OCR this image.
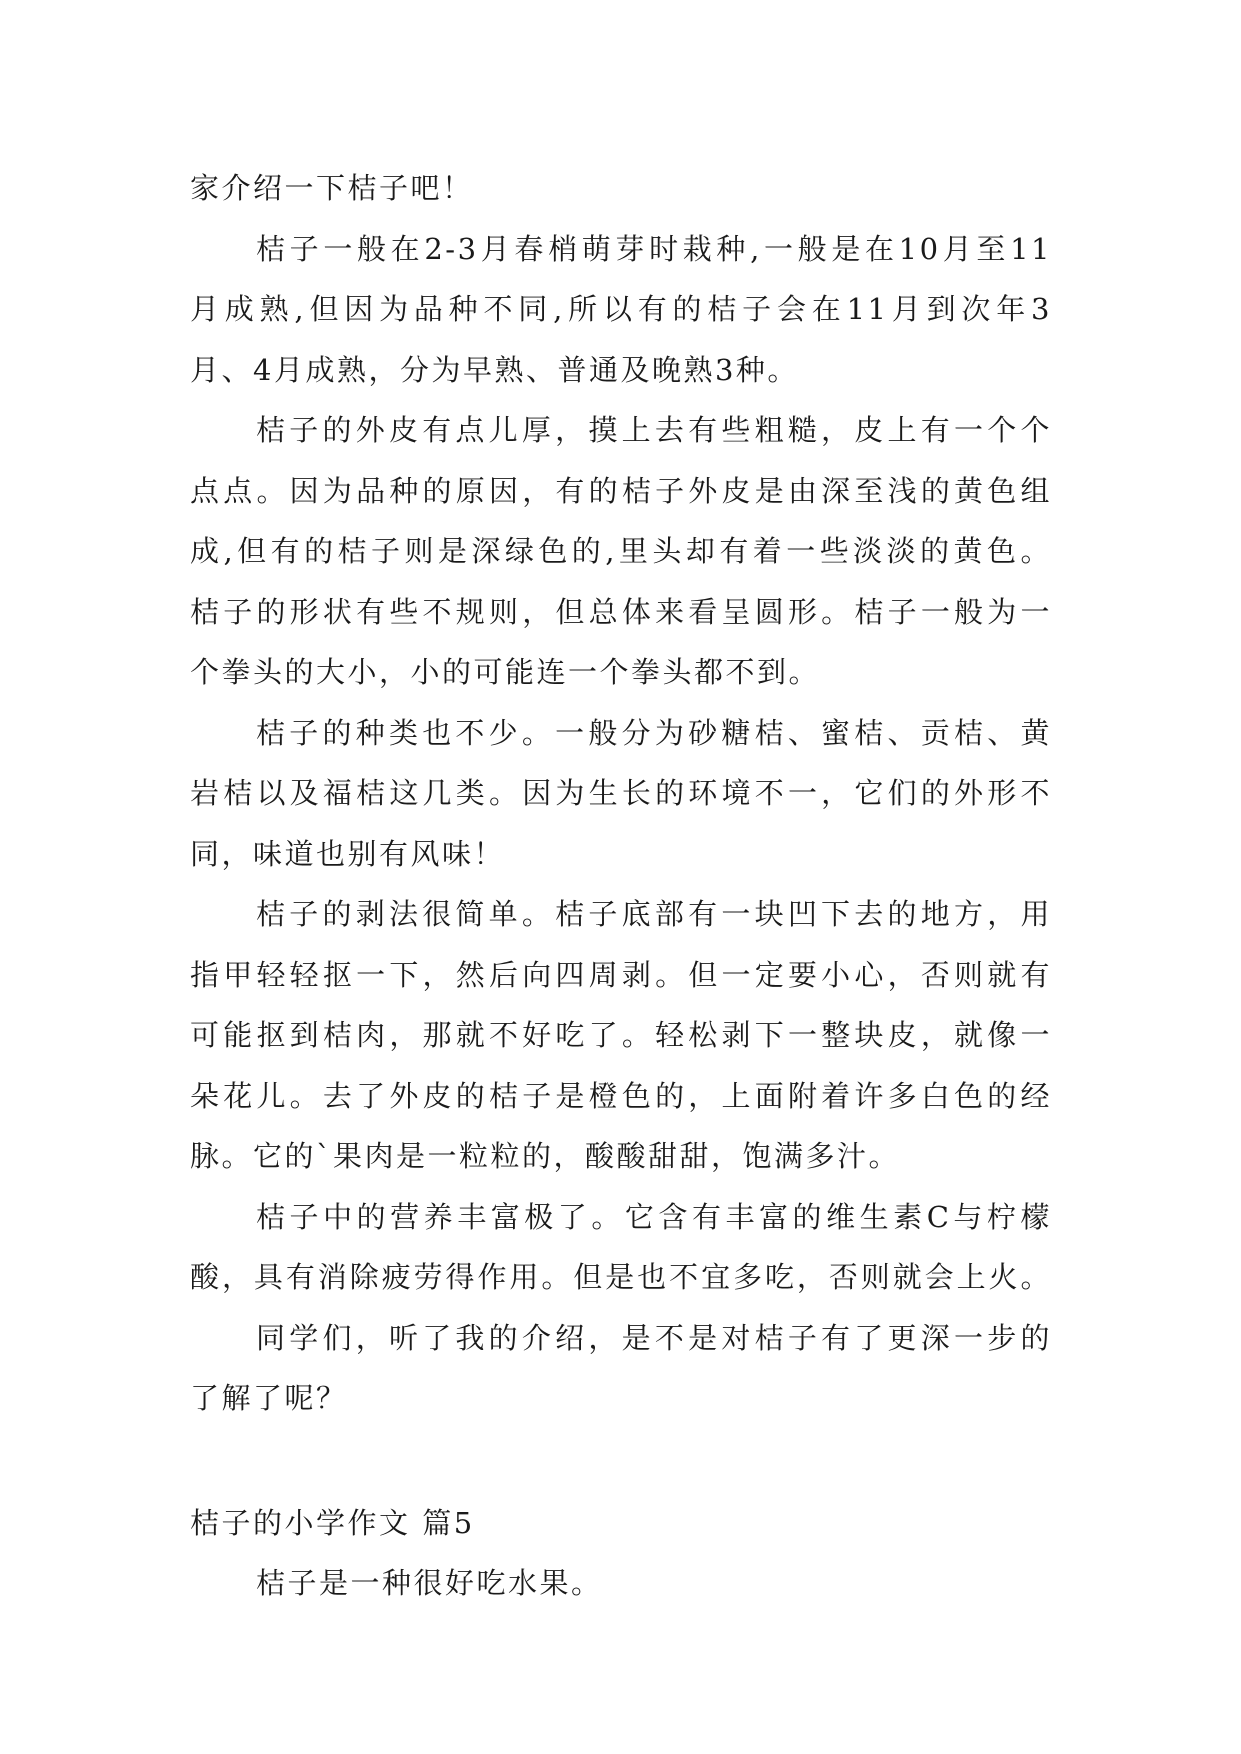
家介绍一下桔子吧！
桔子一般在2-3月春梢萌芽时栽种,一般是在10月至11
月成熟,但因为品种不同,所以有的桔子会在11月到次年3
月、4月成熟，分为早熟、普通及晚熟3种。
桔子的外皮有点儿厚，摸上去有些粗糙，皮上有一个个
点点。因为品种的原因，有的桔子外皮是由深至浅的黄色组
成,但有的桔子则是深绿色的,里头却有着一些淡淡的黄色。
桔子的形状有些不规则，但总体来看呈圆形。桔子一般为一
个拳头的大小，小的可能连一个拳头都不到。
桔子的种类也不少。一般分为砂糖桔、蜜桔、贡桔、黄
岩桔以及福桔这几类。因为生长的环境不一，它们的外形不
同，味道也别有风味！
桔子的剥法很简单。桔子底部有一块凹下去的地方，用
指甲轻轻抠一下，然后向四周剥。但一定要小心，否则就有
可能抠到桔肉，那就不好吃了。轻松剥下一整块皮，就像一
朵花儿。去了外皮的桔子是橙色的，上面附着许多白色的经
脉。它的`果肉是一粒粒的，酸酸甜甜，饱满多汁。
桔子中的营养丰富极了。它含有丰富的维生素C与柠檬
酸，具有消除疲劳得作用。但是也不宜多吃，否则就会上火。
同学们，听了我的介绍，是不是对桔子有了更深一步的
了解了呢？
桔子的小学作文 篇5
桔子是一种很好吃水果。
